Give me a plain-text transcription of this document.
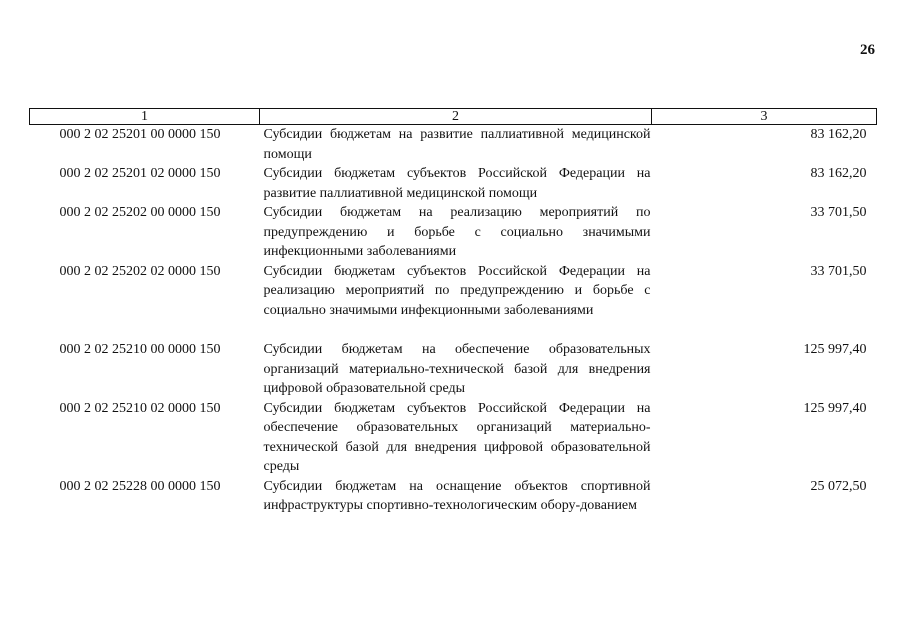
26
1	2	3
000 2 02 25201 00 0000 150	Субсидии бюджетам на развитие паллиативной медицинской помощи	83 162,20
000 2 02 25201 02 0000 150	Субсидии бюджетам субъектов Российской Федерации на развитие паллиативной медицинской помощи	83 162,20
000 2 02 25202 00 0000 150	Субсидии бюджетам на реализацию мероприятий по предупреждению и борьбе с социально значимыми инфекционными заболеваниями	33 701,50
000 2 02 25202 02 0000 150	Субсидии бюджетам субъектов Российской Федерации на реализацию мероприятий по предупреждению и борьбе с социально значимыми инфекционными заболеваниями	33 701,50
000 2 02 25210 00 0000 150	Субсидии бюджетам на обеспечение образовательных организаций материально-технической базой для внедрения цифровой образовательной среды	125 997,40
000 2 02 25210 02 0000 150	Субсидии бюджетам субъектов Российской Федерации на обеспечение образовательных организаций материально-технической базой для внедрения цифровой образовательной среды	125 997,40
000 2 02 25228 00 0000 150	Субсидии бюджетам на оснащение объектов спортивной инфраструктуры спортивно-технологическим обору-дованием	25 072,50
